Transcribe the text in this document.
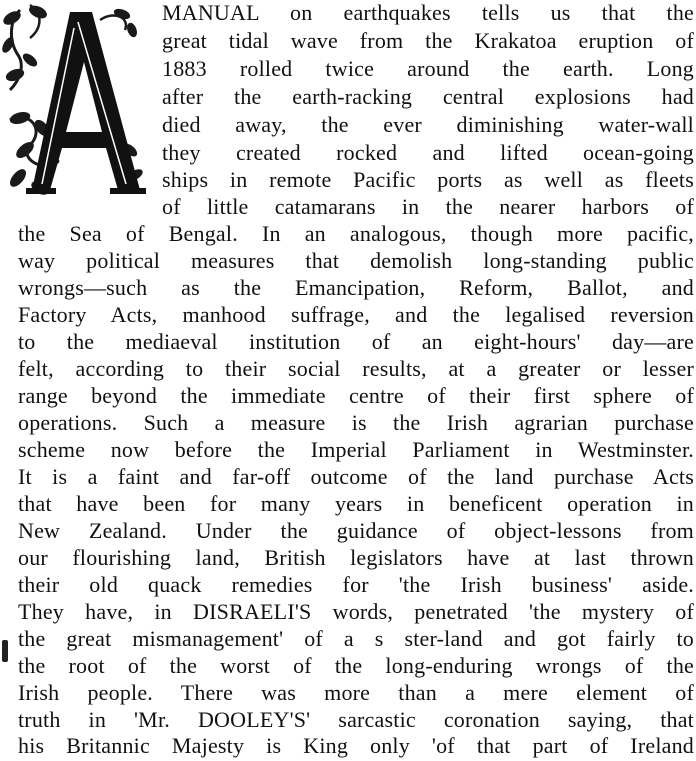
MANUAL on earthquakes tells us that the
great tidal wave from the Krakatoa eruption of
1883 rolled twice around the earth. Long
after the earth-racking central explosions had
died away, the ever diminishing water-wall
they created rocked and lifted ocean-going
ships in remote Pacific ports as well as fleets
of little catamarans in the nearer harbors of
the Sea of Bengal. In an analogous, though more pacific,
way political measures that demolish long-standing public
wrongs—such as the Emancipation, Reform, Ballot, and
Factory Acts, manhood suffrage, and the legalised reversion
to the mediaeval institution of an eight-hours' day—are
felt, according to their social results, at a greater or lesser
range beyond the immediate centre of their first sphere of
operations. Such a measure is the Irish agrarian purchase
scheme now before the Imperial Parliament in Westminster.
It is a faint and far-off outcome of the land purchase Acts
that have been for many years in beneficent operation in
New Zealand. Under the guidance of object-lessons from
our flourishing land, British legislators have at last thrown
their old quack remedies for 'the Irish business' aside.
They have, in DISRAELI'S words, penetrated 'the mystery of
the great mismanagement' of a s ster-land and got fairly to
the root of the worst of the long-enduring wrongs of the
Irish people. There was more than a mere element of
truth in 'Mr. DOOLEY'S' sarcastic coronation saying, that
his Britannic Majesty is King only 'of that part of Ireland
